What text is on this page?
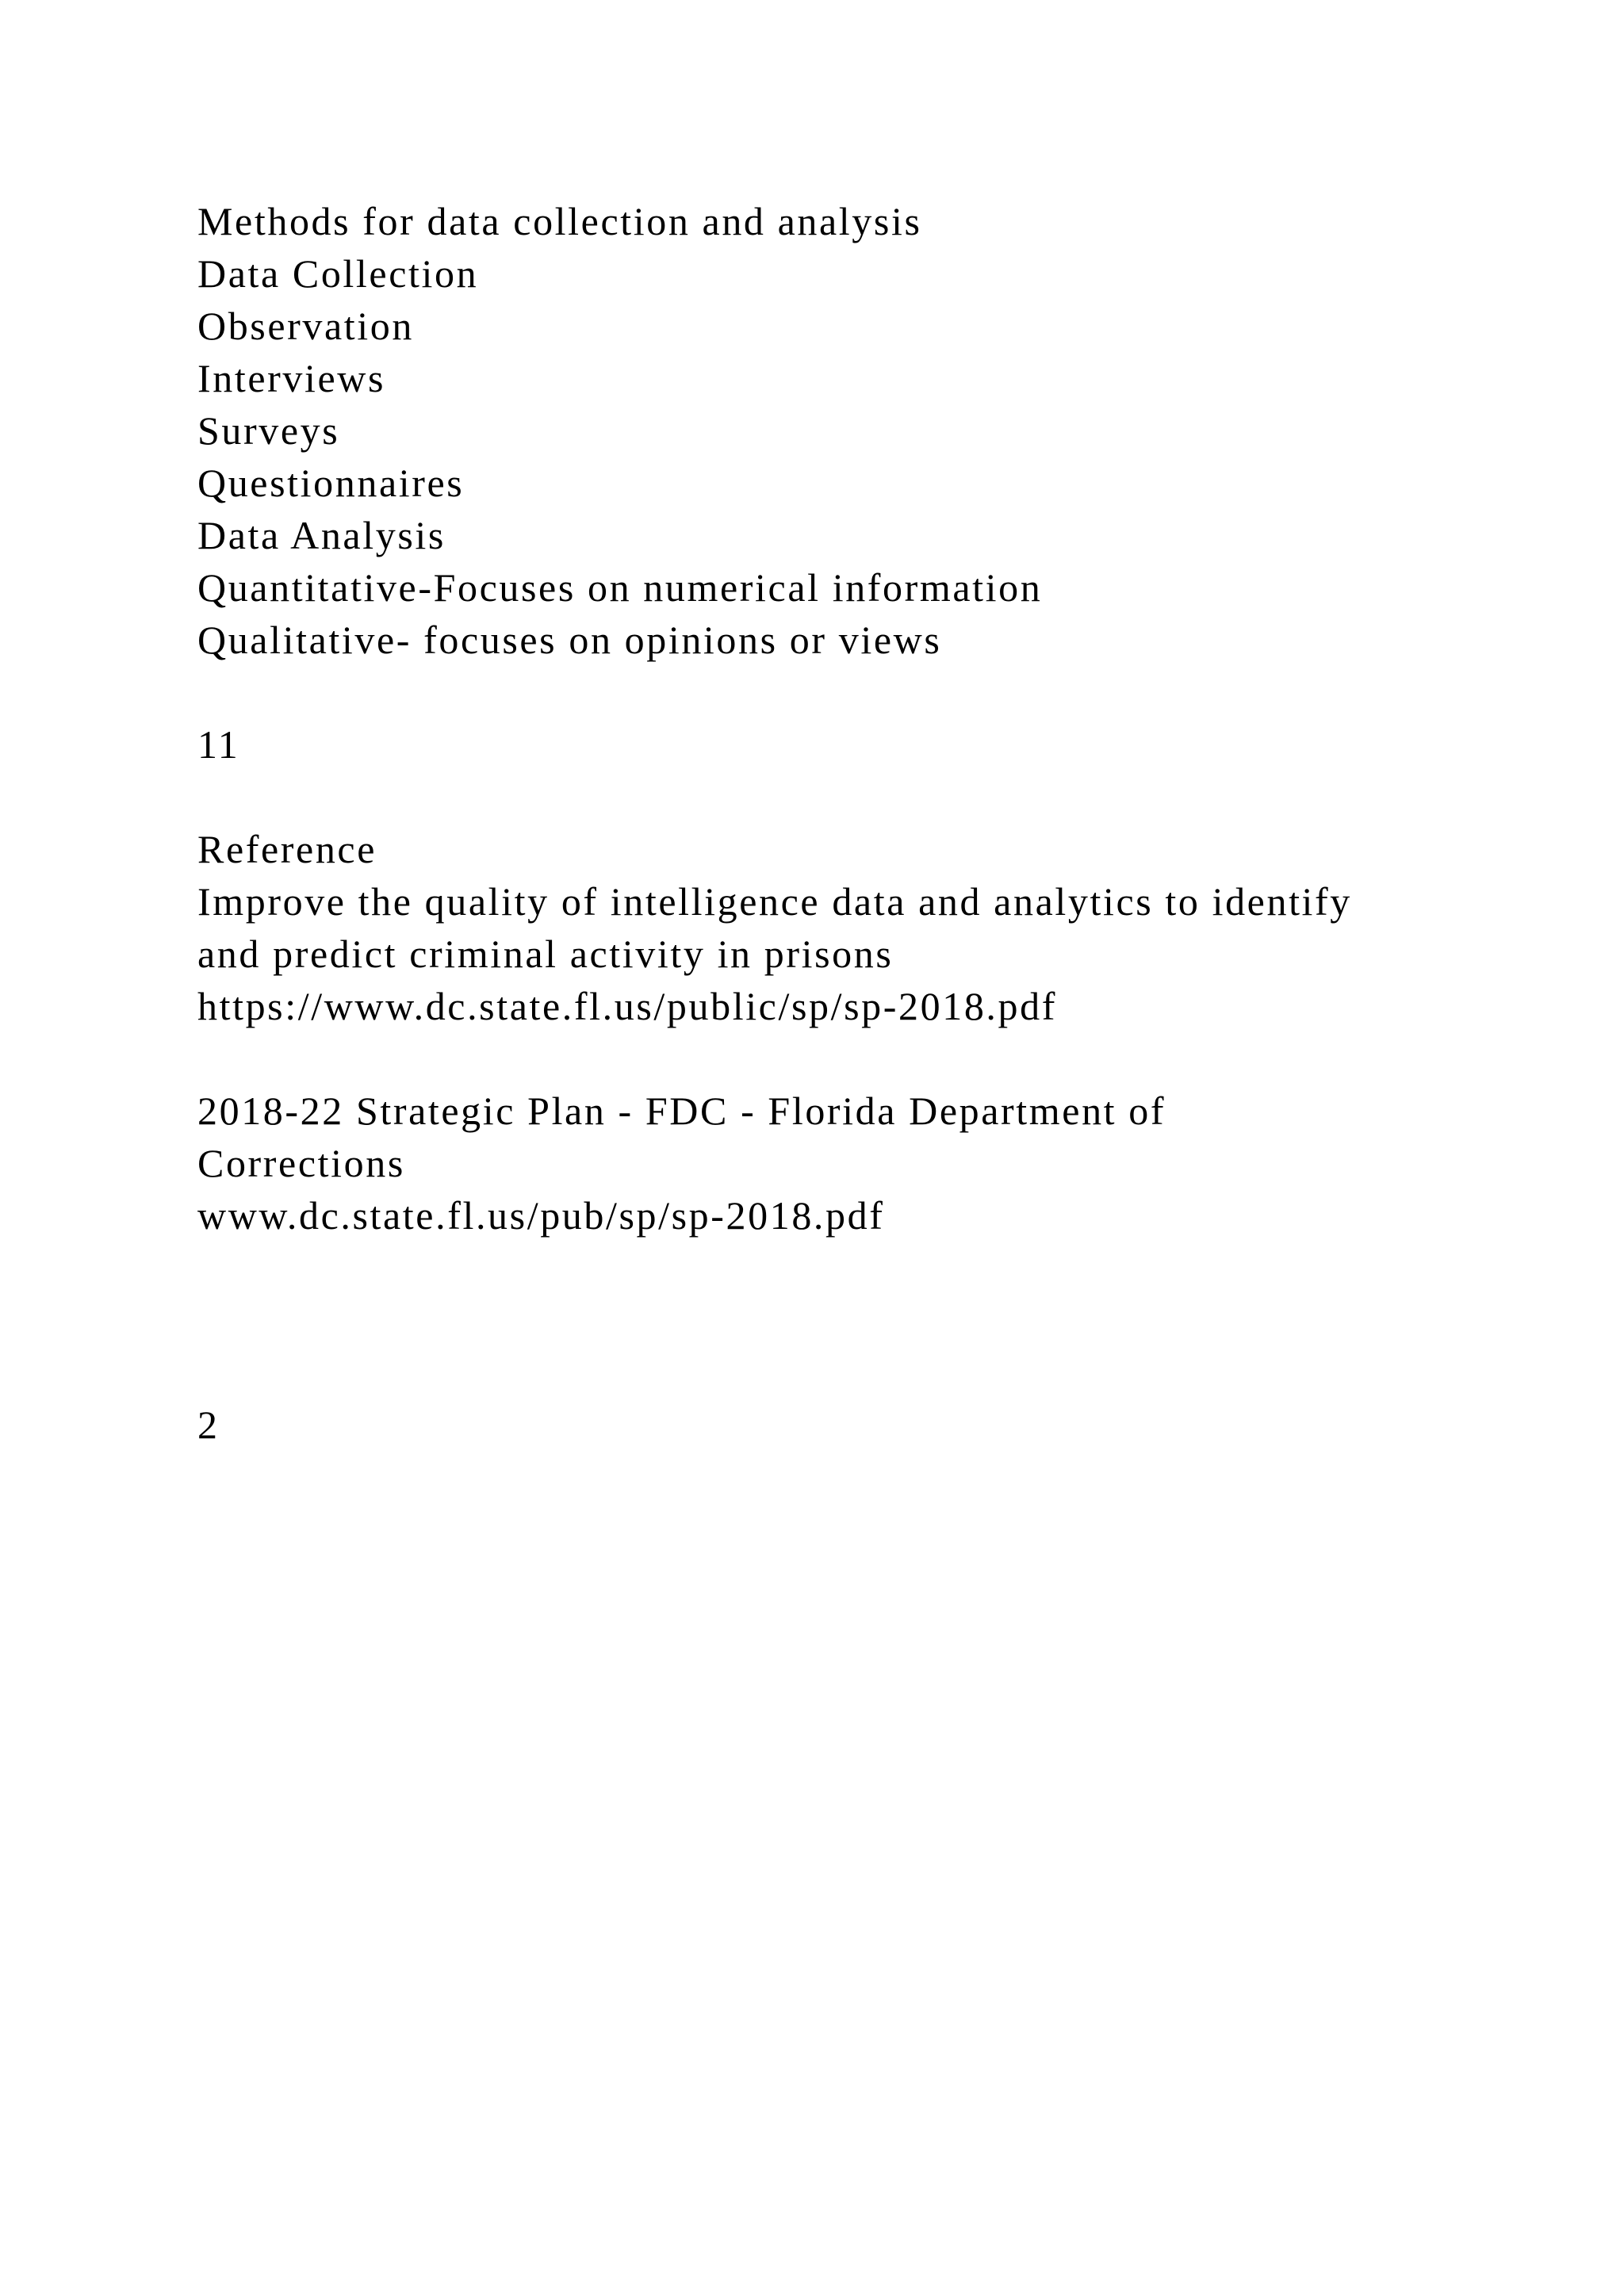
Methods for data collection and analysis
Data Collection
Observation
Interviews
Surveys
Questionnaires
Data Analysis
Quantitative-Focuses on numerical information
Qualitative- focuses on opinions or views
11
Reference
Improve the quality of intelligence data and analytics to identify
and predict criminal activity in prisons
https://www.dc.state.fl.us/public/sp/sp-2018.pdf
2018-22 Strategic Plan - FDC - Florida Department of
Corrections
www.dc.state.fl.us/pub/sp/sp-2018.pdf
2
